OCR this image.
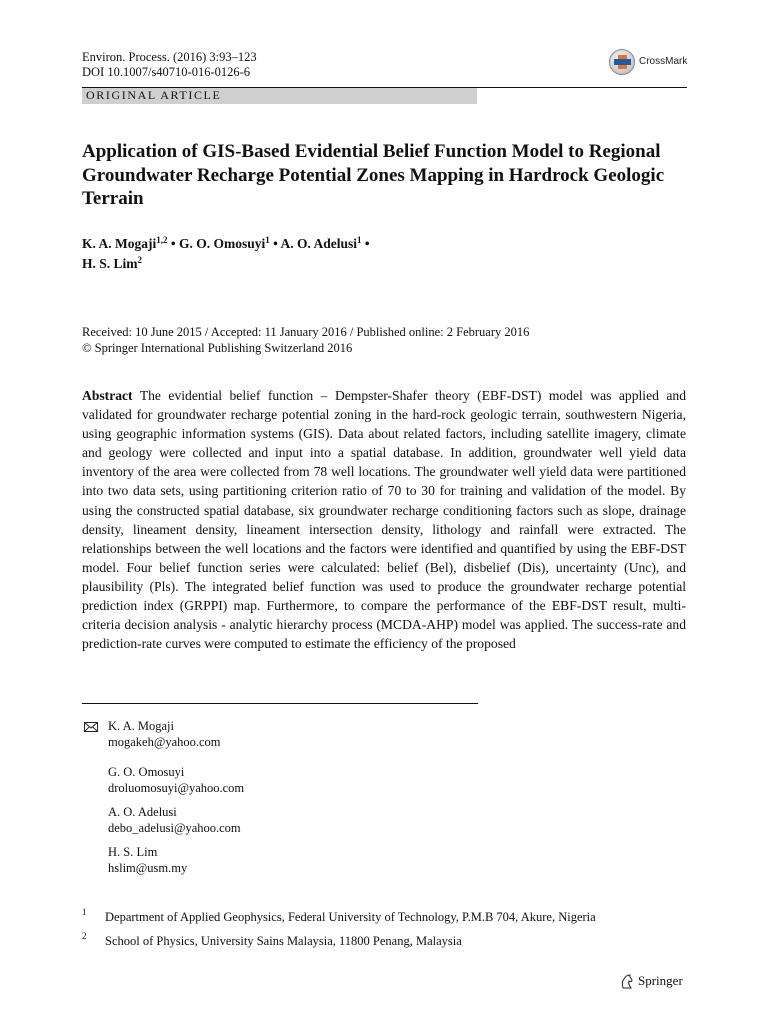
Environ. Process. (2016) 3:93–123
DOI 10.1007/s40710-016-0126-6
CrossMark
ORIGINAL ARTICLE
Application of GIS-Based Evidential Belief Function Model to Regional Groundwater Recharge Potential Zones Mapping in Hardrock Geologic Terrain
K. A. Mogaji$^{1,2}$ • G. O. Omosuyi$^1$ • A. O. Adelusi$^1$ •
H. S. Lim$^2$
Received: 10 June 2015 / Accepted: 11 January 2016 / Published online: 2 February 2016
© Springer International Publishing Switzerland 2016

Abstract The evidential belief function – Dempster-Shafer theory (EBF-DST) model was applied and validated for groundwater recharge potential zoning in the hard-rock geologic terrain, southwestern Nigeria, using geographic information systems (GIS). Data about related factors, including satellite imagery, climate and geology were collected and input into a spatial database. In addition, groundwater well yield data inventory of the area were collected from 78 well locations. The groundwater well yield data were partitioned into two data sets, using partitioning criterion ratio of 70 to 30 for training and validation of the model. By using the constructed spatial database, six groundwater recharge conditioning factors such as slope, drainage density, lineament density, lineament intersection density, lithology and rainfall were extracted. The relationships between the well locations and the factors were identified and quantified by using the EBF-DST model. Four belief function series were calculated: belief (Bel), disbelief (Dis), uncertainty (Unc), and plausibility (Pls). The integrated belief function was used to produce the groundwater recharge potential prediction index (GRPPI) map. Furthermore, to compare the performance of the EBF-DST result, multi-criteria decision analysis - analytic hierarchy process (MCDA-AHP) model was applied. The success-rate and prediction-rate curves were computed to estimate the efficiency of the proposed

K. A. Mogaji
mogakeh@yahoo.com
G. O. Omosuyi
droluomosuyi@yahoo.com
A. O. Adelusi
debo_adelusi@yahoo.com
H. S. Lim
hslim@usm.my
1 Department of Applied Geophysics, Federal University of Technology, P.M.B 704, Akure, Nigeria
2 School of Physics, University Sains Malaysia, 11800 Penang, Malaysia
Springer
